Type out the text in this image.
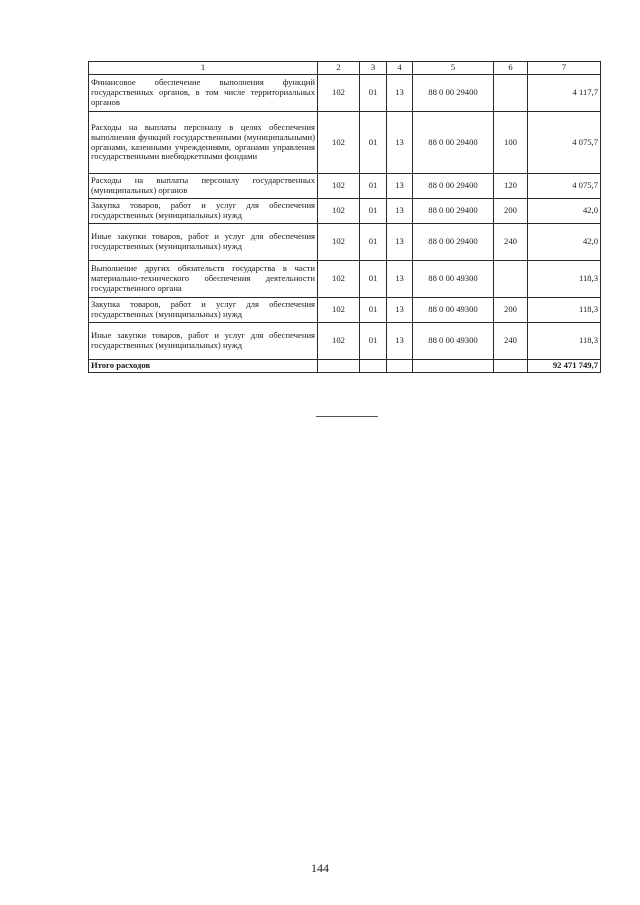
1	2	3	4	5	6	7
Финансовое обеспечение выполнения функций государственных органов, в том числе территориальных органов	102	01	13	88 0 00 29400		4 117,7
Расходы на выплаты персоналу в целях обеспечения выполнения функций государственными (муниципальными) органами, казенными учреждениями, органами управления государственными внебюджетными фондами	102	01	13	88 0 00 29400	100	4 075,7
Расходы на выплаты персоналу государственных (муниципальных) органов	102	01	13	88 0 00 29400	120	4 075,7
Закупка товаров, работ и услуг для обеспечения государственных (муниципальных) нужд	102	01	13	88 0 00 29400	200	42,0
Иные закупки товаров, работ и услуг для обеспечения государственных (муниципальных) нужд	102	01	13	88 0 00 29400	240	42,0
Выполнение других обязательств государства в части материально-технического обеспечения деятельности государственного органа	102	01	13	88 0 00 49300		118,3
Закупка товаров, работ и услуг для обеспечения государственных (муниципальных) нужд	102	01	13	88 0 00 49300	200	118,3
Иные закупки товаров, работ и услуг для обеспечения государственных (муниципальных) нужд	102	01	13	88 0 00 49300	240	118,3
Итого расходов						92 471 749,7
144
